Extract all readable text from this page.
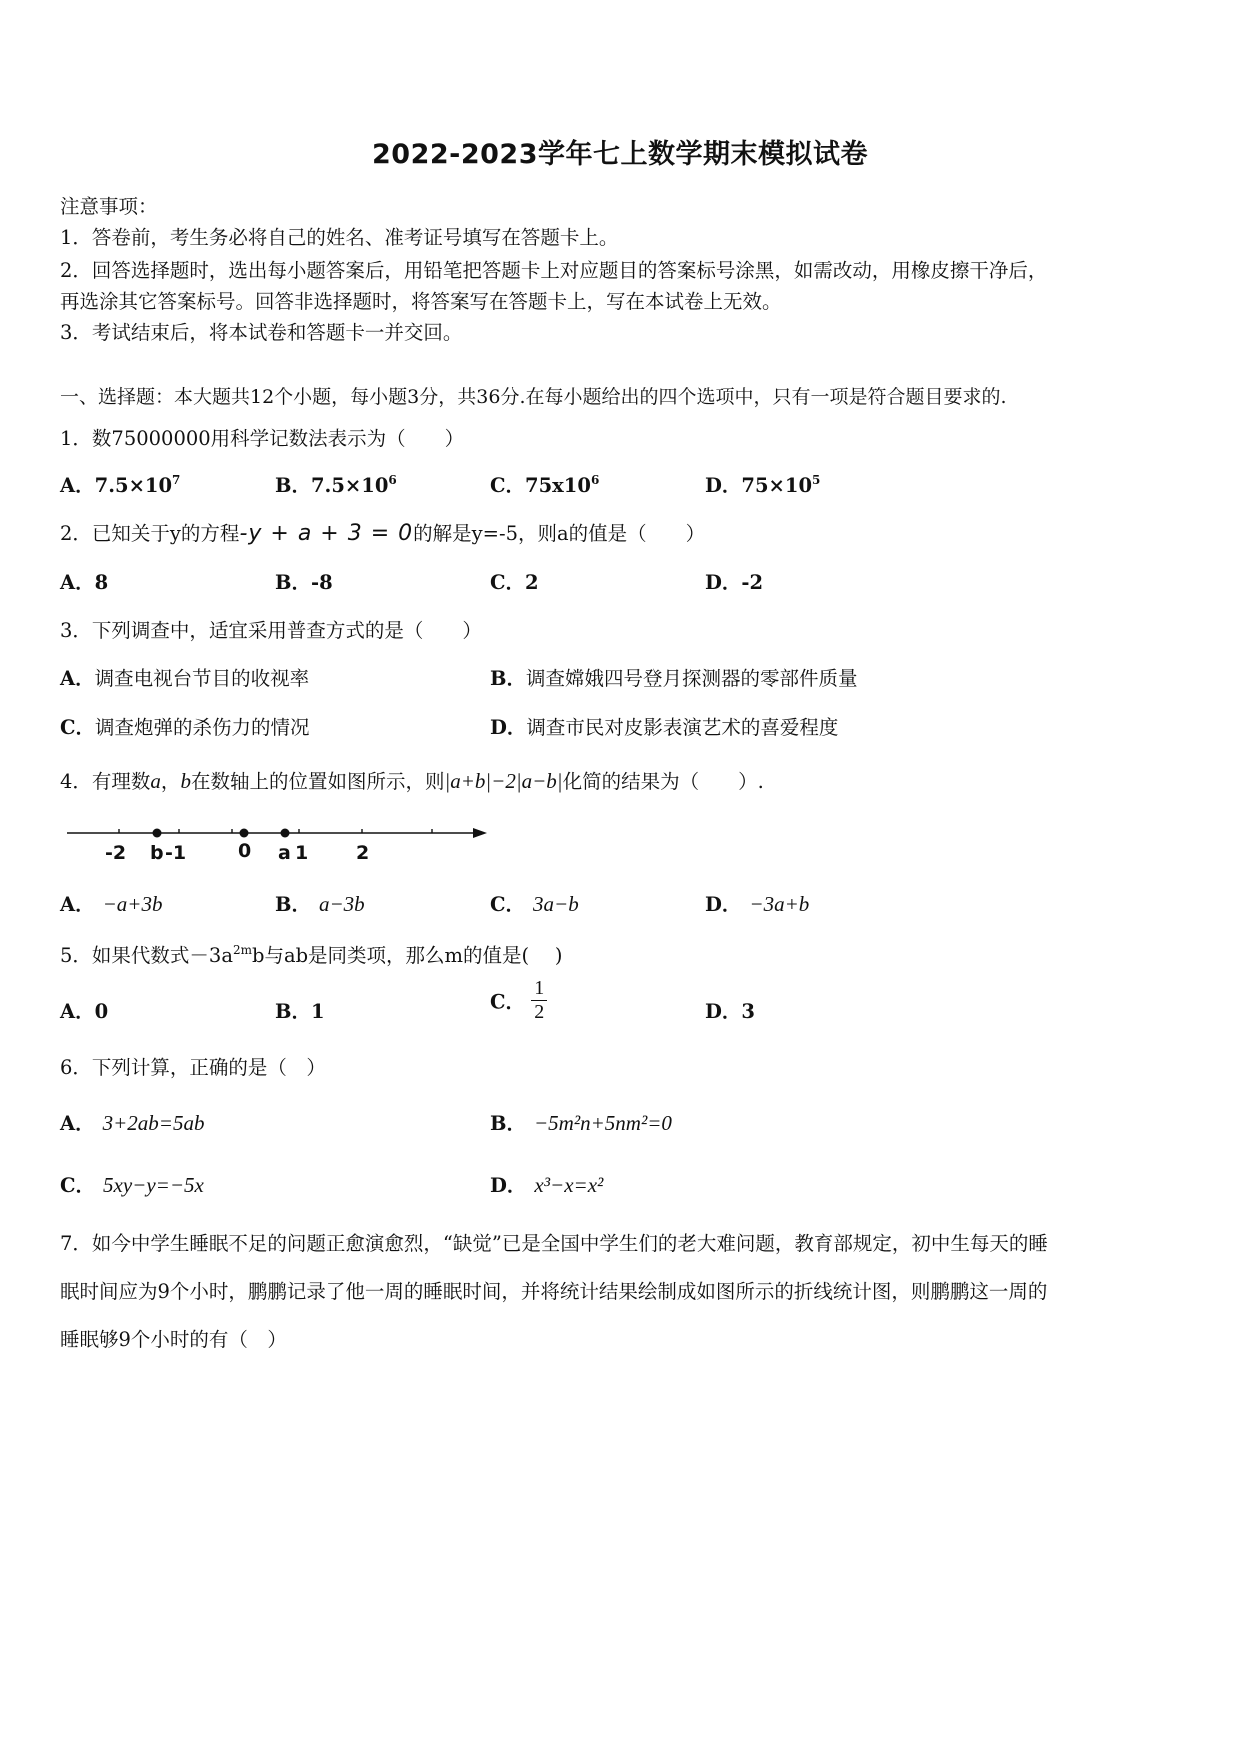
2022-2023学年七上数学期末模拟试卷
注意事项：
1．答卷前，考生务必将自己的姓名、准考证号填写在答题卡上。
2．回答选择题时，选出每小题答案后，用铅笔把答题卡上对应题目的答案标号涂黑，如需改动，用橡皮擦干净后，
再选涂其它答案标号。回答非选择题时，将答案写在答题卡上，写在本试卷上无效。
3．考试结束后，将本试卷和答题卡一并交回。
一、选择题：本大题共12个小题，每小题3分，共36分.在每小题给出的四个选项中，只有一项是符合题目要求的.
1．数75000000用科学记数法表示为（　　）
A．$7.5\times 10^7$	B．$7.5\times 10^6$	C．$75x10^6$	D．$75\times 10^5$
2．已知关于y的方程-y + a + 3 = 0的解是y=-5，则a的值是（　　）
A．8	B．-8	C．2	D．-2
3．下列调查中，适宜采用普查方式的是（　　）
A．调查电视台节目的收视率	B．调查嫦娥四号登月探测器的零部件质量
C．调查炮弹的杀伤力的情况	D．调查市民对皮影表演艺术的喜爱程度
4．有理数a，b在数轴上的位置如图所示，则|a+b|−2|a−b|化简的结果为（　　）.
-2 b -1	0 a 1	2
A． −a+3b	B． a−3b	C． 3a−b	D． −3a+b
5．如果代数式$-3a^{2m}b$与ab是同类项，那么m的值是(　 )
A．0	B．1	C． $\frac{1}{2}$	D．3
6．下列计算，正确的是（　）
A． 3+2ab=5ab	B． −5m²n+5nm²=0
C． 5xy−y=−5x	D． x³−x=x²
7．如今中学生睡眠不足的问题正愈演愈烈，“缺觉”已是全国中学生们的老大难问题，教育部规定，初中生每天的睡
眠时间应为9个小时，鹏鹏记录了他一周的睡眠时间，并将统计结果绘制成如图所示的折线统计图，则鹏鹏这一周的
睡眠够9个小时的有（　）
